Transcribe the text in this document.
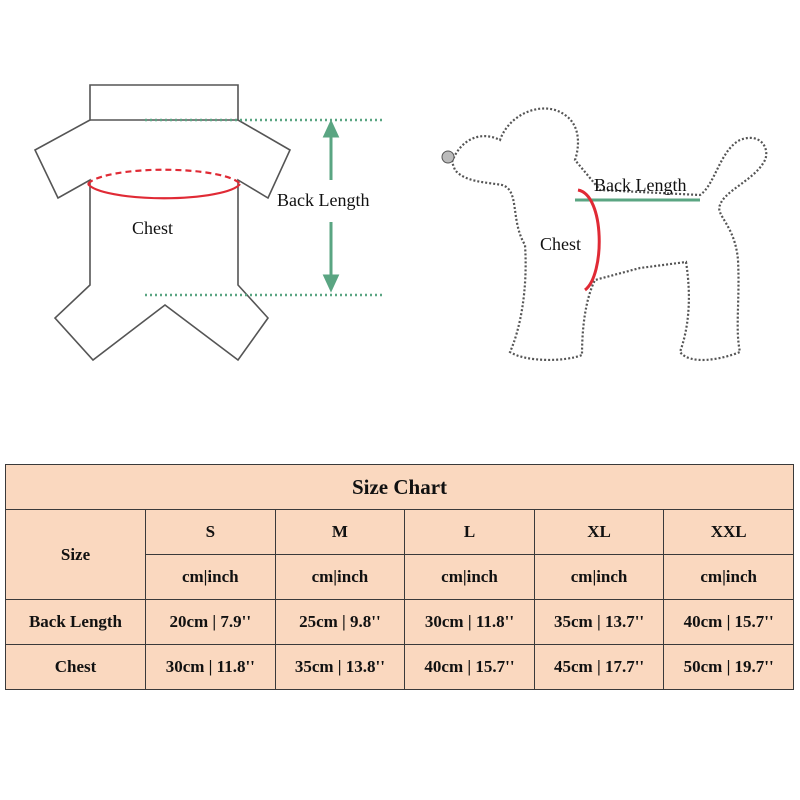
Chest
Back Length
Back Length
Chest
Size Chart					
Size	S	M	L	XL	XXL
	cm|inch	cm|inch	cm|inch	cm|inch	cm|inch
Back Length	20cm | 7.9''	25cm | 9.8''	30cm | 11.8''	35cm | 13.7''	40cm | 15.7''
Chest	30cm | 11.8''	35cm | 13.8''	40cm | 15.7''	45cm | 17.7''	50cm | 19.7''
